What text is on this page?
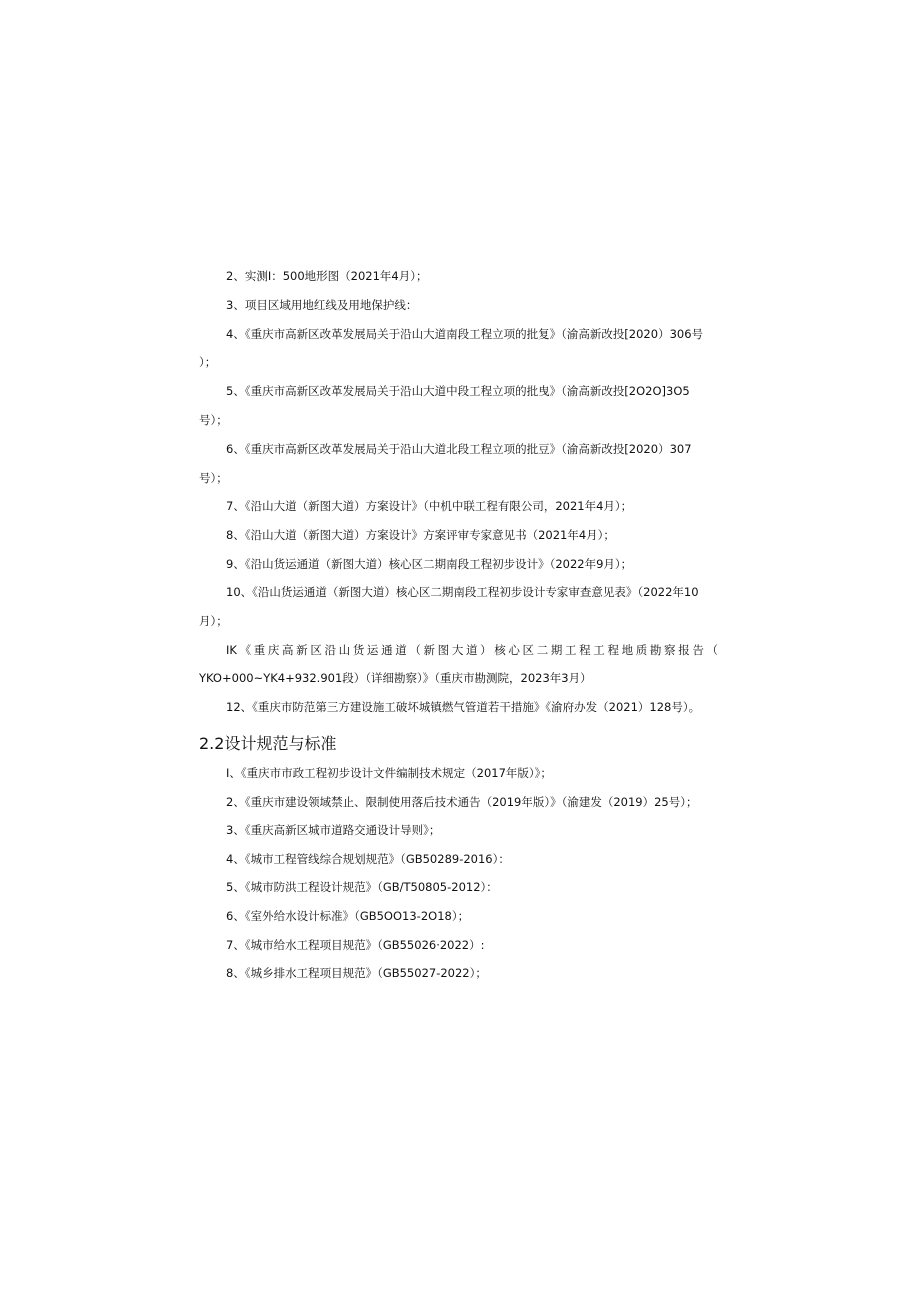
2、实测I：500地形图（2021年4月）；
3、项目区域用地红线及用地保护线：
4、《重庆市高新区改革发展局关于沿山大道南段工程立项的批复》（渝高新改投[2020）306号
）；
5、《重庆市高新区改革发展局关于沿山大道中段工程立项的批曳》（渝高新改投[2O2O]3O5
号）；
6、《重庆市高新区改革发展局关于沿山大道北段工程立项的批豆》（渝高新改投[2020）307
号）；
7、《沿山大道（新图大道）方案设计》（中机中联工程有限公司，2021年4月）；
8、《沿山大道（新图大道）方案设计》方案评审专家意见书（2021年4月）；
9、《沿山货运通道（新图大道）核心区二期南段工程初步设计》（2022年9月）；
10、《沿山货运通道（新图大道）核心区二期南段工程初步设计专家审查意见表》（2022年10
月）；
IK《重庆高新区沿山货运通道（新图大道）核心区二期工程工程地质勘察报告（
YKO+000~YK4+932.901段）（详细勘察）》（重庆市勘测院，2023年3月）
12、《重庆市防范第三方建设施工破坏城镇燃气管道若干措施》《渝府办发（2021）128号）。
2.2设计规范与标准
I、《重庆市市政工程初步设计文件编制技术规定（2017年版）》；
2、《重庆市建设领域禁止、限制使用落后技术通告（2019年版）》（渝建发（2019）25号）；
3、《重庆高新区城市道路交通设计导则》；
4、《城市工程管线综合规划规范》（GB50289-2016）：
5、《城市防洪工程设计规范》（GB/T50805-2012）：
6、《室外给水设计标准》（GB5OO13-2O18）；
7、《城市给水工程项目规范》（GB55026·2022）:
8、《城乡排水工程项目规范》（GB55027-2022）；
